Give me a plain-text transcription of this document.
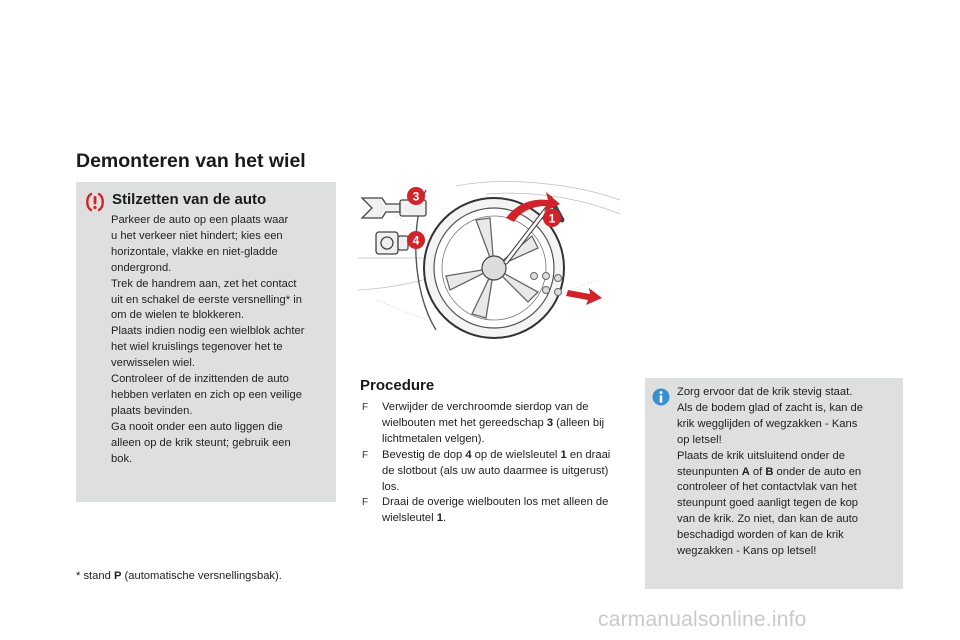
Demonteren van het wiel
Stilzetten van de auto
Parkeer de auto op een plaats waar
u het verkeer niet hindert; kies een
horizontale, vlakke en niet-gladde
ondergrond.
Trek de handrem aan, zet het contact
uit en schakel de eerste versnelling* in
om de wielen te blokkeren.
Plaats indien nodig een wielblok achter
het wiel kruislings tegenover het te
verwisselen wiel.
Controleer of de inzittenden de auto
hebben verlaten en zich op een veilige
plaats bevinden.
Ga nooit onder een auto liggen die
alleen op de krik steunt; gebruik een
bok.
* stand P (automatische versnellingsbak).
3
4
1
Procedure
F Verwijder de verchroomde sierdop van de wielbouten met het gereedschap 3 (alleen bij lichtmetalen velgen).
F Bevestig de dop 4 op de wielsleutel 1 en draai de slotbout (als uw auto daarmee is uitgerust) los.
F Draai de overige wielbouten los met alleen de wielsleutel 1.
Zorg ervoor dat de krik stevig staat.
Als de bodem glad of zacht is, kan de
krik wegglijden of wegzakken - Kans
op letsel!
Plaats de krik uitsluitend onder de
steunpunten A of B onder de auto en
controleer of het contactvlak van het
steunpunt goed aanligt tegen de kop
van de krik. Zo niet, dan kan de auto
beschadigd worden of kan de krik
wegzakken - Kans op letsel!
carmanualsonline.info
